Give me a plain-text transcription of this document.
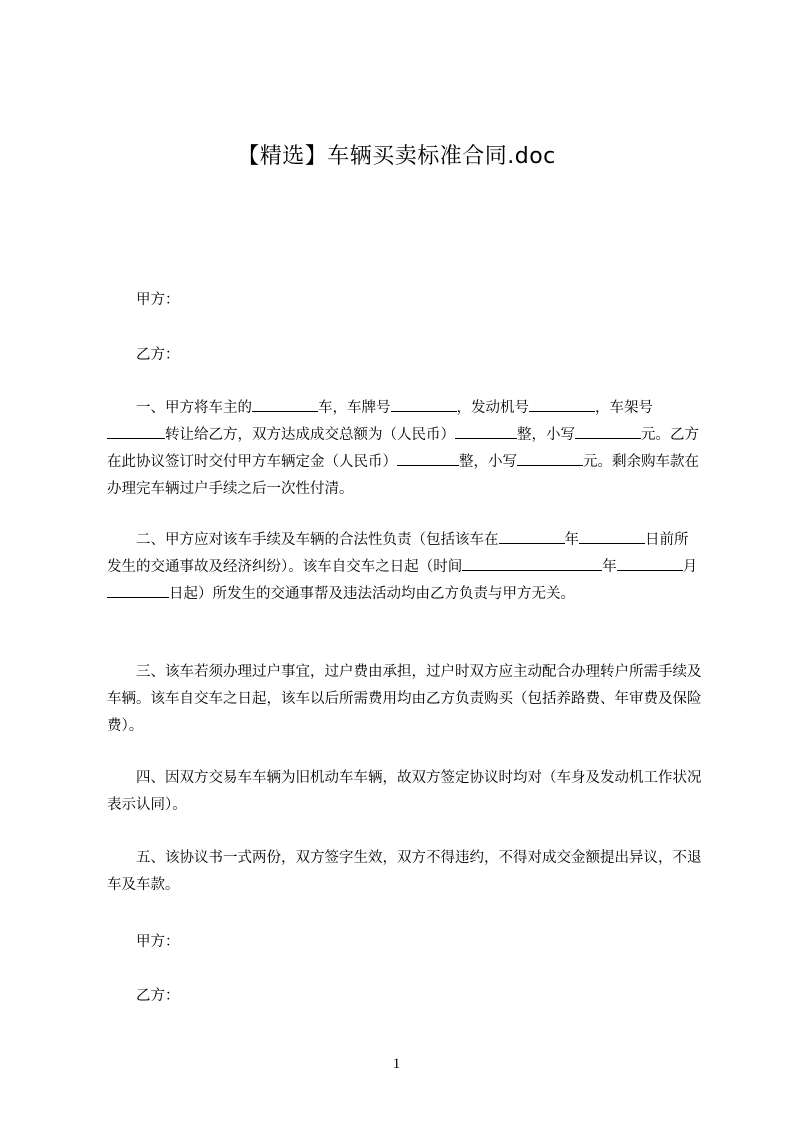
【精选】车辆买卖标准合同.doc
甲方：
乙方：
一、甲方将车主的	车，车牌号	，发动机号	，车架号转让给乙方，双方达成成交总额为（人民币）	整，小写	元。乙方在此协议签订时交付甲方车辆定金（人民币）	整，小写	元。剩余购车款在办理完车辆过户手续之后一次性付清。
二、甲方应对该车手续及车辆的合法性负责（包括该车在	年	日前所发生的交通事故及经济纠纷）。该车自交车之日起（时间	年	月日起）所发生的交通事帮及违法活动均由乙方负责与甲方无关。
三、该车若须办理过户事宜，过户费由承担，过户时双方应主动配合办理转户所需手续及车辆。该车自交车之日起，该车以后所需费用均由乙方负责购买（包括养路费、年审费及保险费）。
四、因双方交易车车辆为旧机动车车辆，故双方签定协议时均对（车身及发动机工作状况表示认同）。
五、该协议书一式两份，双方签字生效，双方不得违约，不得对成交金额提出异议，不退车及车款。
甲方：
乙方：
1
